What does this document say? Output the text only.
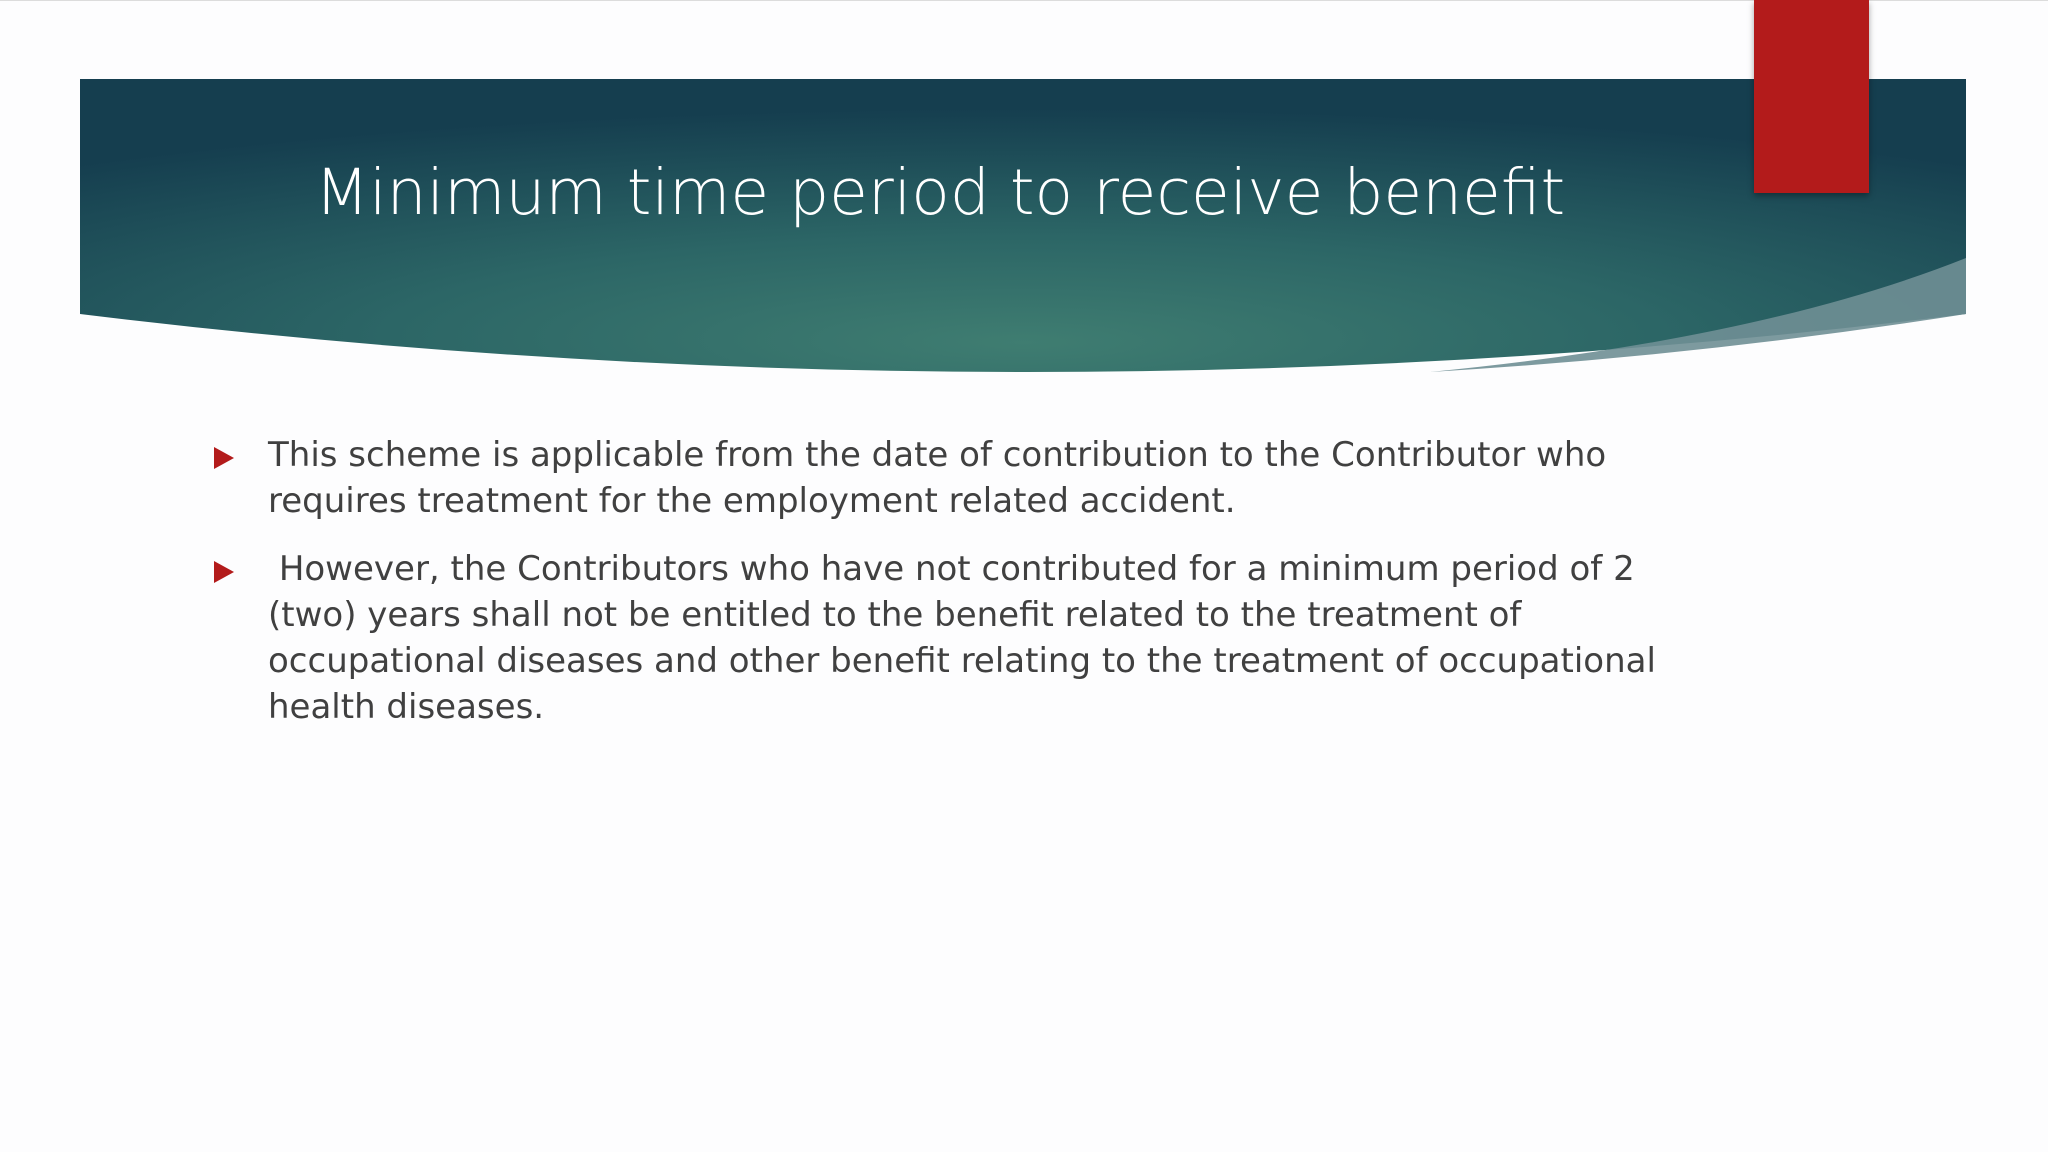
Minimum time period to receive benefit
This scheme is applicable from the date of contribution to the Contributor who requires treatment for the employment related accident.
However, the Contributors who have not contributed for a minimum period of 2 (two) years shall not be entitled to the benefit related to the treatment of occupational diseases and other benefit relating to the treatment of occupational health diseases.
